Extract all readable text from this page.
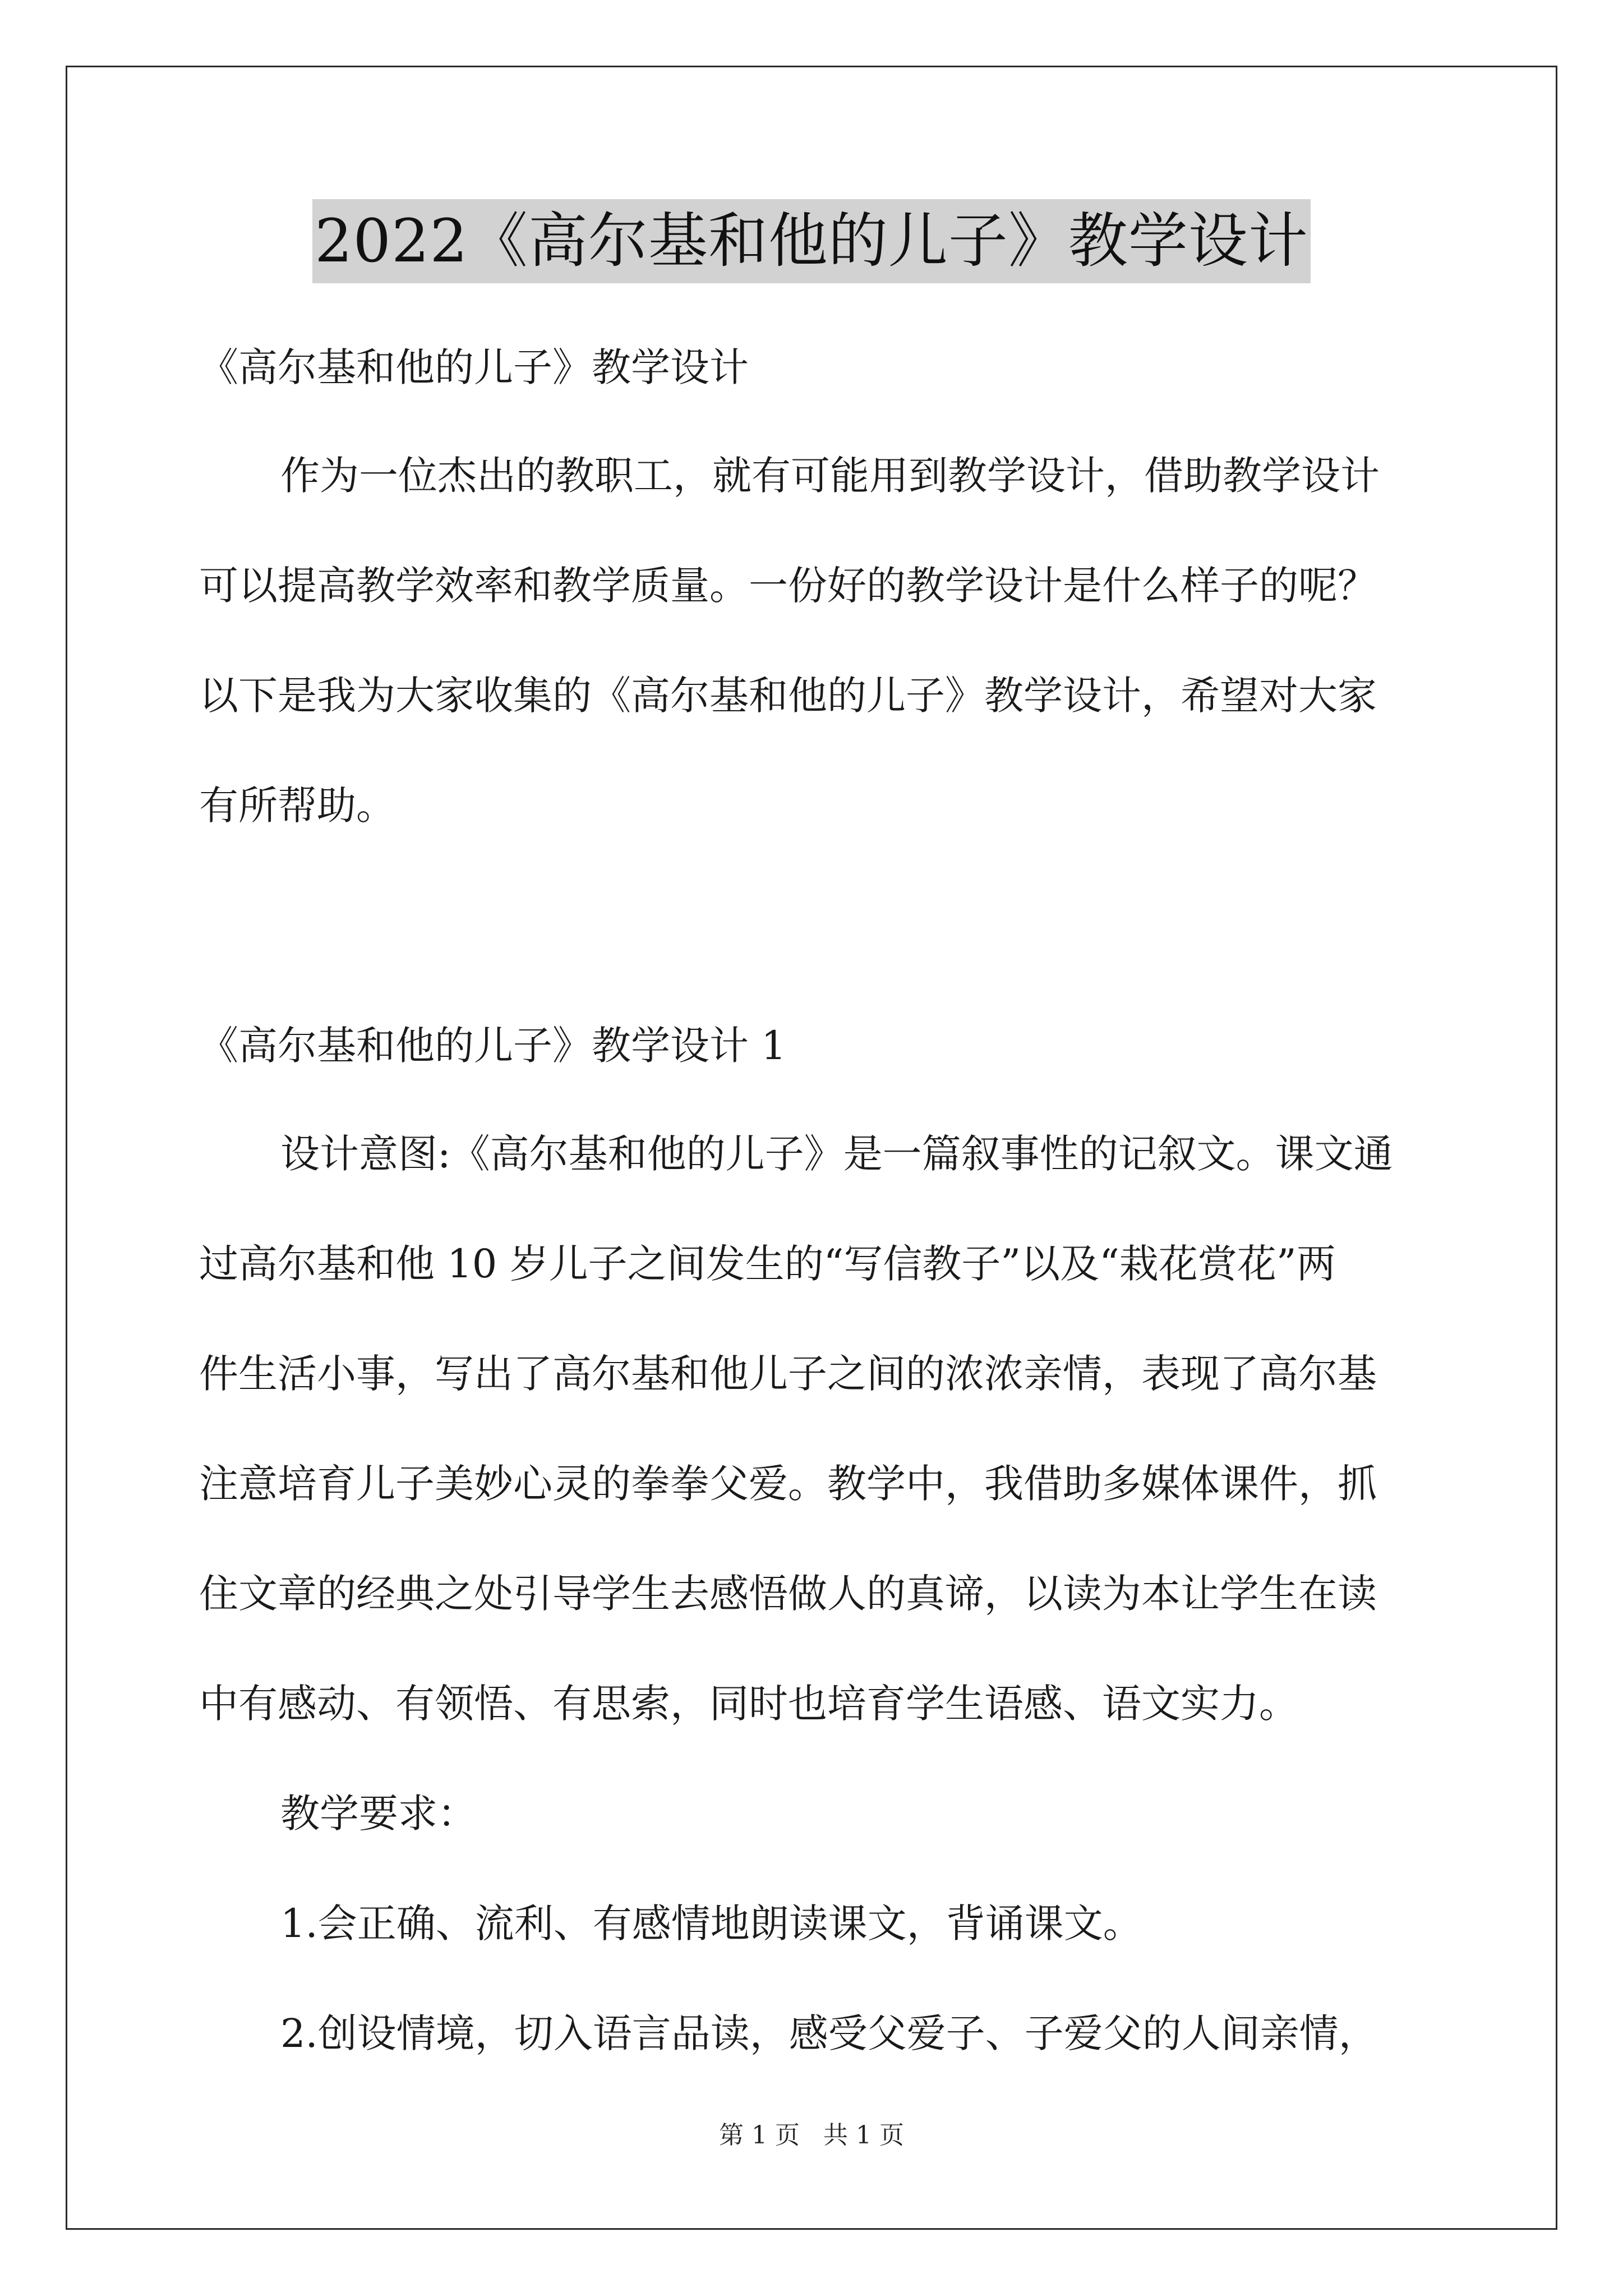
2022《高尔基和他的儿子》教学设计

《高尔基和他的儿子》教学设计

作为一位杰出的教职工，就有可能用到教学设计，借助教学设计
可以提高教学效率和教学质量。一份好的教学设计是什么样子的呢？
以下是我为大家收集的《高尔基和他的儿子》教学设计，希望对大家
有所帮助。

《高尔基和他的儿子》教学设计 1

设计意图:《高尔基和他的儿子》是一篇叙事性的记叙文。课文通
过高尔基和他 10 岁儿子之间发生的“写信教子”以及“栽花赏花”两
件生活小事，写出了高尔基和他儿子之间的浓浓亲情，表现了高尔基
注意培育儿子美妙心灵的拳拳父爱。教学中，我借助多媒体课件，抓
住文章的经典之处引导学生去感悟做人的真谛，以读为本让学生在读
中有感动、有领悟、有思索，同时也培育学生语感、语文实力。
教学要求：
1.会正确、流利、有感情地朗读课文，背诵课文。
2.创设情境，切入语言品读，感受父爱子、子爱父的人间亲情，
第 1 页 共 1 页
